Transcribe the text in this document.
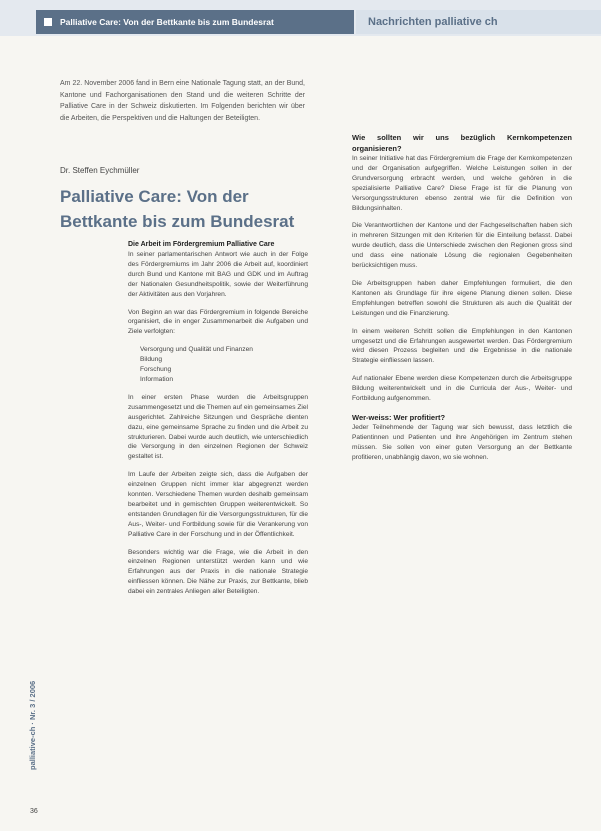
Palliative Care: Von der Bettkante bis zum Bundesrat	Nachrichten palliative ch
Am 22. November 2006 fand in Bern eine Nationale Tagung statt, an der Bund, Kantone und Fachorganisationen den Stand und die weiteren Schritte der Palliative Care in der Schweiz diskutierten. Im Folgenden berichten wir über die Arbeiten, die Perspektiven und die Haltungen der Beteiligten.
Dr. Steffen Eychmüller
Palliative Care: Von der Bettkante bis zum Bundesrat
Die Arbeit im Fördergremium Palliative Care

In seiner parlamentarischen Antwort wie auch in der Folge des Fördergremiums im Jahr 2006 die Arbeit auf, koordiniert durch Bund und Kantone mit BAG und GDK und im Auftrag der Nationalen Gesundheitspolitik, sowie der Weiterführung der Aktivitäten aus den Vorjahren.

Von Beginn an war das Fördergremium in folgende Bereiche organisiert, die in enger Zusammenarbeit die Aufgaben und Ziele verfolgten:

Versorgung und Qualität und Finanzen
Bildung
Forschung
Information

In einer ersten Phase wurden die Arbeitsgruppen zusammengesetzt und die Themen auf ein gemeinsames Ziel ausgerichtet. Zahlreiche Sitzungen und Gespräche dienten dazu, eine gemeinsame Sprache zu finden und die Arbeit zu strukturieren. Dabei wurde auch deutlich, wie unterschiedlich die Versorgung in den einzelnen Regionen der Schweiz gestaltet ist.

Im Laufe der Arbeiten zeigte sich, dass die Aufgaben der einzelnen Gruppen nicht immer klar abgegrenzt werden konnten. Verschiedene Themen wurden deshalb gemeinsam bearbeitet und in gemischten Gruppen weiterentwickelt. So entstanden Grundlagen für die Versorgungsstrukturen, für die Aus-, Weiter- und Fortbildung sowie für die Verankerung von Palliative Care in der Forschung und in der Öffentlichkeit.

Besonders wichtig war die Frage, wie die Arbeit in den einzelnen Regionen unterstützt werden kann und wie Erfahrungen aus der Praxis in die nationale Strategie einfliessen können. Die Nähe zur Praxis, zur Bettkante, blieb dabei ein zentrales Anliegen aller Beteiligten.

Wie sollten wir uns bezüglich Kernkompetenzen organisieren?

In seiner Initiative hat das Fördergremium die Frage der Kernkompetenzen und der Organisation aufgegriffen. Welche Leistungen sollen in der Grundversorgung erbracht werden, und welche gehören in die spezialisierte Palliative Care? Diese Frage ist für die Planung von Versorgungsstrukturen ebenso zentral wie für die Definition von Bildungsinhalten.

Die Verantwortlichen der Kantone und der Fachgesellschaften haben sich in mehreren Sitzungen mit den Kriterien für die Einteilung befasst. Dabei wurde deutlich, dass die Unterschiede zwischen den Regionen gross sind und dass eine nationale Lösung die regionalen Gegebenheiten berücksichtigen muss.

Die Arbeitsgruppen haben daher Empfehlungen formuliert, die den Kantonen als Grundlage für ihre eigene Planung dienen sollen. Diese Empfehlungen betreffen sowohl die Strukturen als auch die Qualität der Leistungen und die Finanzierung.

In einem weiteren Schritt sollen die Empfehlungen in den Kantonen umgesetzt und die Erfahrungen ausgewertet werden. Das Fördergremium wird diesen Prozess begleiten und die Ergebnisse in die nationale Strategie einfliessen lassen.

Auf nationaler Ebene werden diese Kompetenzen durch die Arbeitsgruppe Bildung weiterentwickelt und in die Curricula der Aus-, Weiter- und Fortbildung aufgenommen.

Wer-weiss: Wer profitiert?

Jeder Teilnehmende der Tagung war sich bewusst, dass letztlich die Patientinnen und Patienten und ihre Angehörigen im Zentrum stehen müssen. Sie sollen von einer guten Versorgung an der Bettkante profitieren, unabhängig davon, wo sie wohnen.

palliative-ch · Nr. 3 / 2006
36
